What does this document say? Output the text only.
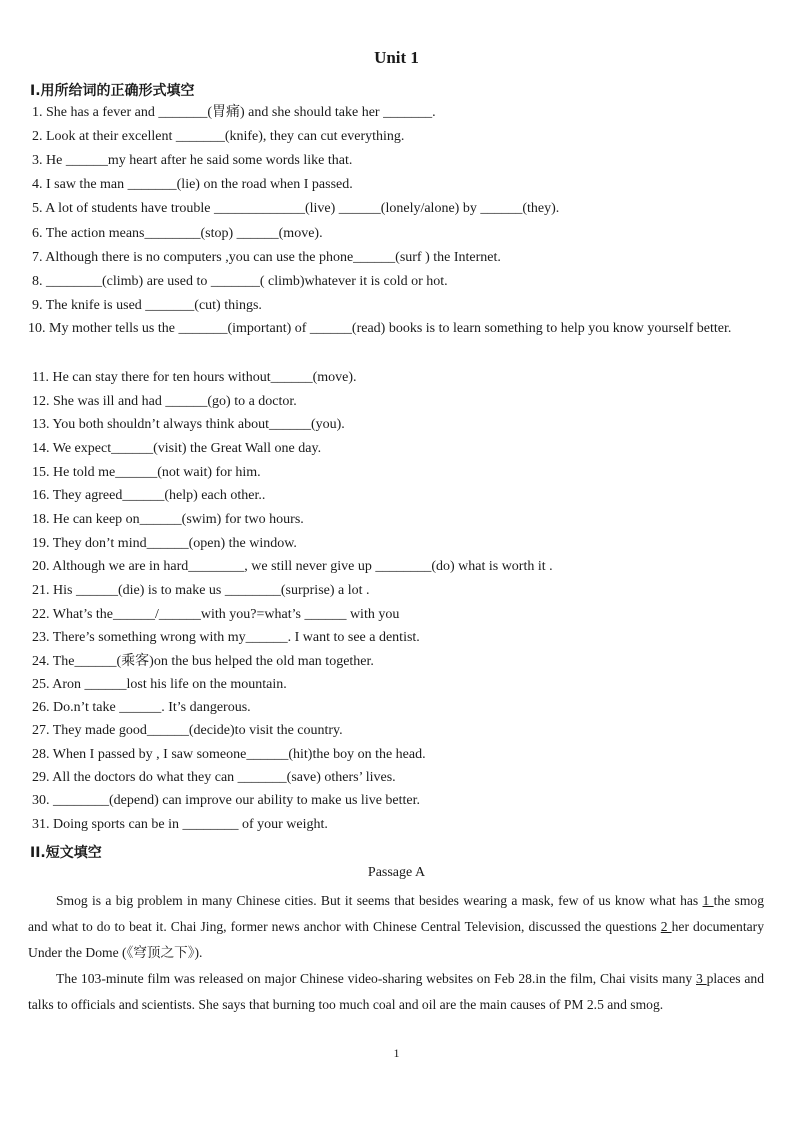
Unit 1
I.用所给词的正确形式填空
1. She has a fever and _______(胃痛) and she should take her _______.
2. Look at their excellent _______(knife), they can cut everything.
3. He ______my heart after he said some words like that.
4. I saw the man _______(lie) on the road when I passed.
5. A lot of students have trouble _____________(live) ______(lonely/alone) by ______(they).
6. The action means________(stop) ______(move).
7. Although there is no computers ,you can use the phone______(surf ) the Internet.
8. ________(climb) are used to _______( climb)whatever it is cold or hot.
9. The knife is used _______(cut) things.
10. My mother tells us the _______(important) of ______(read) books is to learn something to help you know yourself better.
11. He can stay there for ten hours without______(move).
12. She was ill and had ______(go) to a doctor.
13. You both shouldn’t always think about______(you).
14. We expect______(visit) the Great Wall one day.
15. He told me______(not wait) for him.
16. They agreed______(help) each other..
18. He can keep on______(swim) for two hours.
19. They don’t mind______(open) the window.
20. Although we are in hard________, we still never give up ________(do) what is worth it .
21. His ______(die) is to make us ________(surprise) a lot .
22. What’s the______/______with you?=what’s ______ with you
23. There’s something wrong with my______. I want to see a dentist.
24. The______(乘客)on the bus helped the old man together.
25. Aron ______lost his life on the mountain.
26. Do.n’t take ______. It’s dangerous.
27. They made good______(decide)to visit the country.
28. When I passed by , I saw someone______(hit)the boy on the head.
29. All the doctors do what they can _______(save) others’ lives.
30. ________(depend) can improve our ability to make us live better.
31. Doing sports can be in ________ of your weight.
II.短文填空
Passage A
Smog is a big problem in many Chinese cities. But it seems that besides wearing a mask, few of us know what has 1 the smog and what to do to beat it. Chai Jing, former news anchor with Chinese Central Television, discussed the questions 2 her documentary Under the Dome (《穹顶之下》).
The 103-minute film was released on major Chinese video-sharing websites on Feb 28.in the film, Chai visits many 3 places and talks to officials and scientists. She says that burning too much coal and oil are the main causes of PM 2.5 and smog.
1
